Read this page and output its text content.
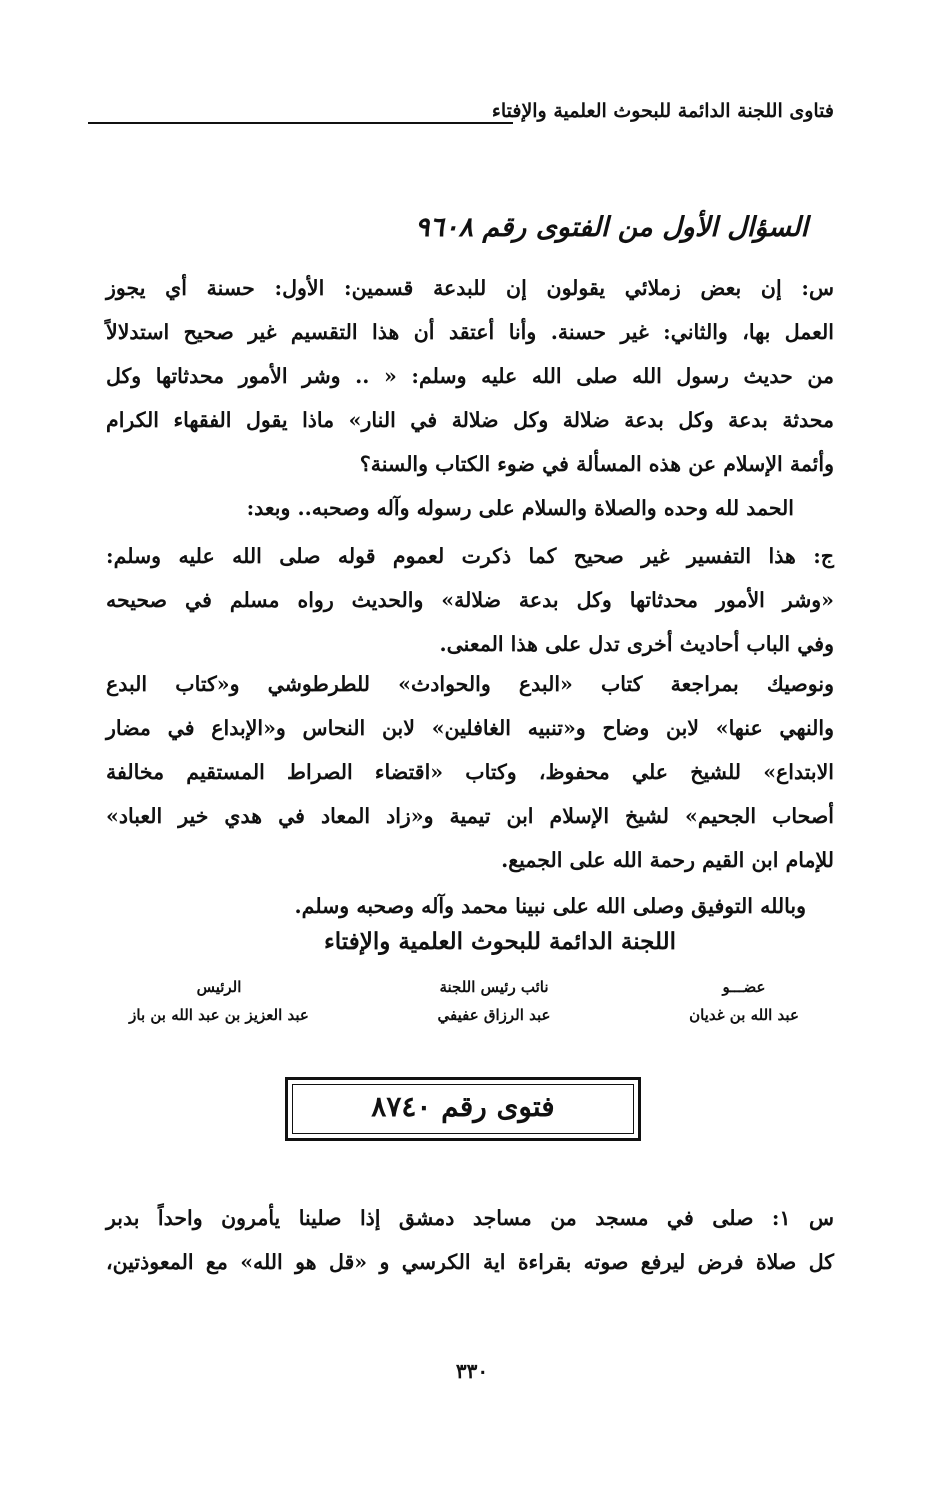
فتاوى اللجنة الدائمة للبحوث العلمية والإفتاء
السؤال الأول من الفتوى رقم ٩٦٠٨
س: إن بعض زملائي يقولون إن للبدعة قسمين: الأول: حسنة أي يجوز
العمل بها، والثاني: غير حسنة. وأنا أعتقد أن هذا التقسيم غير صحيح استدلالاً
من حديث رسول الله صلى الله عليه وسلم: « .. وشر الأمور محدثاتها وكل
محدثة بدعة وكل بدعة ضلالة وكل ضلالة في النار» ماذا يقول الفقهاء الكرام
وأئمة الإسلام عن هذه المسألة في ضوء الكتاب والسنة؟
الحمد لله وحده والصلاة والسلام على رسوله وآله وصحبه.. وبعد:
ج: هذا التفسير غير صحيح كما ذكرت لعموم قوله صلى الله عليه وسلم:
«وشر الأمور محدثاتها وكل بدعة ضلالة» والحديث رواه مسلم في صحيحه
وفي الباب أحاديث أخرى تدل على هذا المعنى.
ونوصيك بمراجعة كتاب «البدع والحوادث» للطرطوشي و«كتاب البدع
والنهي عنها» لابن وضاح و«تنبيه الغافلين» لابن النحاس و«الإبداع في مضار
الابتداع» للشيخ علي محفوظ، وكتاب «اقتضاء الصراط المستقيم مخالفة
أصحاب الجحيم» لشيخ الإسلام ابن تيمية و«زاد المعاد في هدي خير العباد»
للإمام ابن القيم رحمة الله على الجميع.
وبالله التوفيق وصلى الله على نبينا محمد وآله وصحبه وسلم.
اللجنة الدائمة للبحوث العلمية والإفتاء
عضـــو
عبد الله بن غديان
نائب رئيس اللجنة
عبد الرزاق عفيفي
الرئيس
عبد العزيز بن عبد الله بن باز
فتوى رقم ٨٧٤٠
س ١: صلى في مسجد من مساجد دمشق إذا صلينا يأمرون واحداً بدبر
كل صلاة فرض ليرفع صوته بقراءة اية الكرسي و «قل هو الله» مع المعوذتين،
٣٣٠
